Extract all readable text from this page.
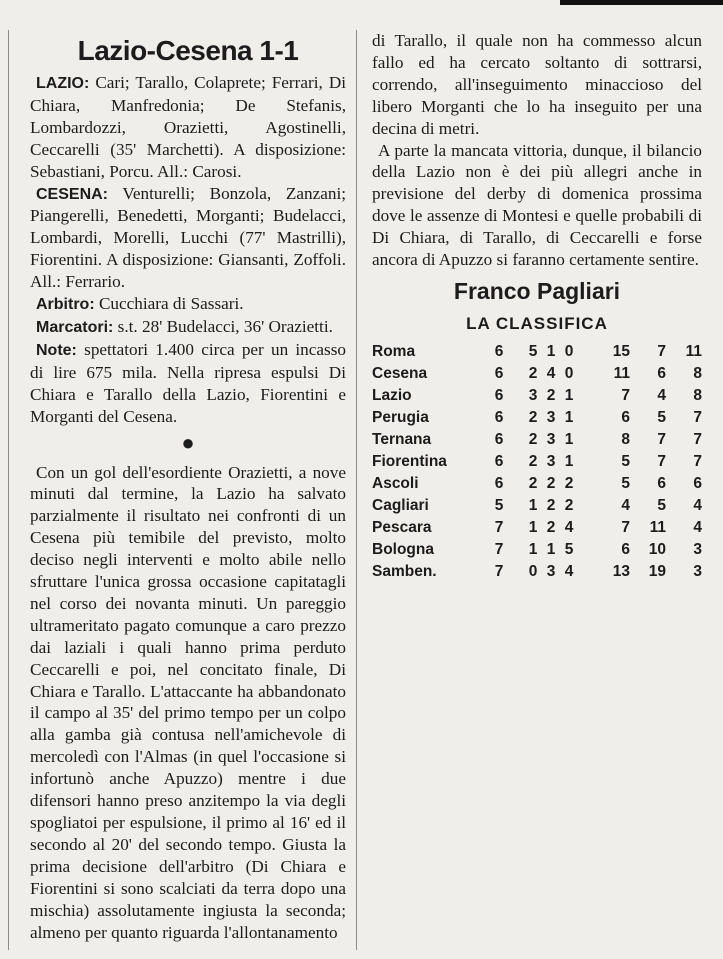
Lazio-Cesena 1-1

LAZIO: Cari; Tarallo, Colaprete; Ferrari, Di Chiara, Manfredonia; De Stefanis, Lombardozzi, Orazietti, Agostinelli, Ceccarelli (35' Marchetti). A disposizione: Sebastiani, Porcu. All.: Carosi.

CESENA: Venturelli; Bonzola, Zanzani; Piangerelli, Benedetti, Morganti; Budelacci, Lombardi, Morelli, Lucchi (77' Mastrilli), Fiorentini. A disposizione: Giansanti, Zoffoli. All.: Ferrario.

Arbitro: Cucchiara di Sassari.

Marcatori: s.t. 28' Budelacci, 36' Orazietti.

Note: spettatori 1.400 circa per un incasso di lire 675 mila. Nella ripresa espulsi Di Chiara e Tarallo della Lazio, Fiorentini e Morganti del Cesena.

●

Con un gol dell'esordiente Orazietti, a nove minuti dal termine, la Lazio ha salvato parzialmente il risultato nei confronti di un Cesena più temibile del previsto, molto deciso negli interventi e molto abile nello sfruttare l'unica grossa occasione capitatagli nel corso dei novanta minuti. Un pareggio ultrameritato pagato comunque a caro prezzo dai laziali i quali hanno prima perduto Ceccarelli e poi, nel concitato finale, Di Chiara e Tarallo. L'attaccante ha abbandonato il campo al 35' del primo tempo per un colpo alla gamba già contusa nell'amichevole di mercoledì con l'Almas (in quel l'occasione si infortunò anche Apuzzo) mentre i due difensori hanno preso anzitempo la via degli spogliatoi per espulsione, il primo al 16' ed il secondo al 20' del secondo tempo. Giusta la prima decisione dell'arbitro (Di Chiara e Fiorentini si sono scalciati da terra dopo una mischia) assolutamente ingiusta la seconda; almeno per quanto riguarda l'allontanamento

di Tarallo, il quale non ha commesso alcun fallo ed ha cercato soltanto di sottrarsi, correndo, all'inseguimento minaccioso del libero Morganti che lo ha inseguito per una decina di metri.

A parte la mancata vittoria, dunque, il bilancio della Lazio non è dei più allegri anche in previsione del derby di domenica prossima dove le assenze di Montesi e quelle probabili di Di Chiara, di Tarallo, di Ceccarelli e forse ancora di Apuzzo si faranno certamente sentire.

Franco Pagliari
LA CLASSIFICA
Roma	6		5	1	0		15	7	11
Cesena	6		2	4	0		11	6	8
Lazio	6		3	2	1		7	4	8
Perugia	6		2	3	1		6	5	7
Ternana	6		2	3	1		8	7	7
Fiorentina	6		2	3	1		5	7	7
Ascoli	6		2	2	2		5	6	6
Cagliari	5		1	2	2		4	5	4
Pescara	7		1	2	4		7	11	4
Bologna	7		1	1	5		6	10	3
Samben.	7		0	3	4		13	19	3
